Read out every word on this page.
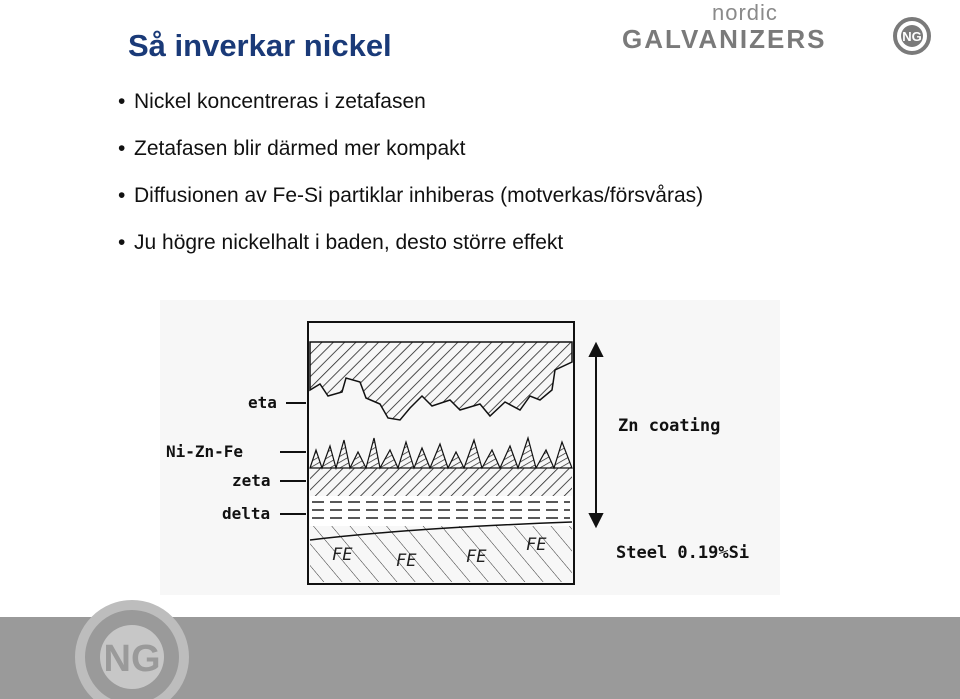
Så inverkar nickel
nordic
GALVANIZERS	NG
• Nickel koncentreras i zetafasen
• Zetafasen blir därmed mer kompakt
• Diffusionen av Fe-Si partiklar inhiberas (motverkas/försvåras)
• Ju högre nickelhalt i baden, desto större effekt
FE	FE	FE
FE
eta
Ni-Zn-Fe
zeta
delta
Zn coating
Steel 0.19%Si
NG
